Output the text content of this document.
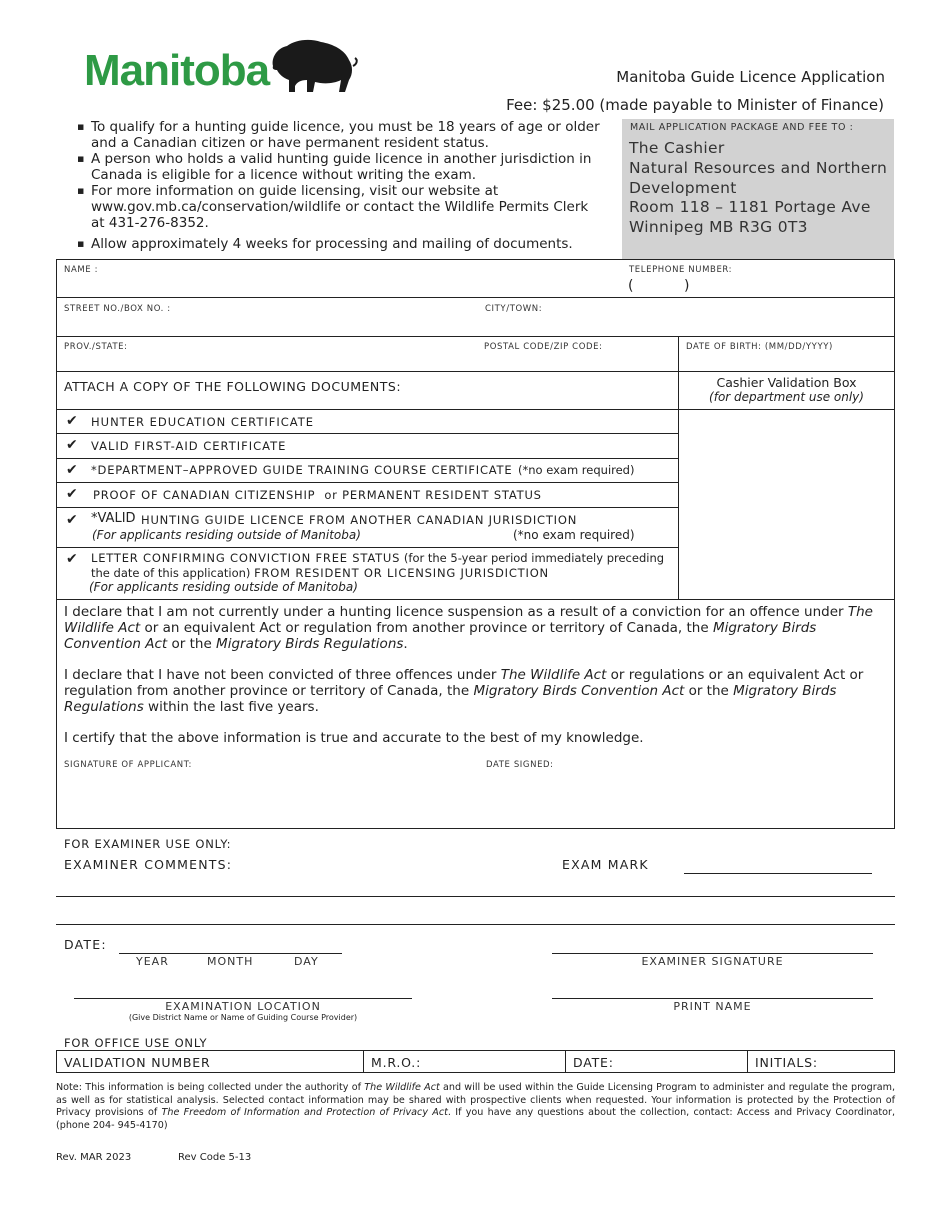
Manitoba	Manitoba Guide Licence Application
Fee: $25.00 (made payable to Minister of Finance)
▪ To qualify for a hunting guide licence, you must be 18 years of age or older and a Canadian citizen or have permanent resident status.
▪ A person who holds a valid hunting guide licence in another jurisdiction in Canada is eligible for a licence without writing the exam.
▪ For more information on guide licensing, visit our website at www.gov.mb.ca/conservation/wildlife or contact the Wildlife Permits Clerk at 431-276-8352.
▪ Allow approximately 4 weeks for processing and mailing of documents.
MAIL APPLICATION PACKAGE AND FEE TO :
The Cashier
Natural Resources and Northern
Development
Room 118 – 1181 Portage Ave
Winnipeg MB R3G 0T3
NAME :	TELEPHONE NUMBER:
(	)
STREET NO./BOX NO. :	CITY/TOWN:
PROV./STATE:	POSTAL CODE/ZIP CODE:	DATE OF BIRTH: (MM/DD/YYYY)
ATTACH A COPY OF THE FOLLOWING DOCUMENTS:	Cashier Validation Box
(for department use only)
✔ HUNTER EDUCATION CERTIFICATE
✔ VALID FIRST-AID CERTIFICATE
✔ *DEPARTMENT–APPROVED GUIDE TRAINING COURSE CERTIFICATE (*no exam required)
✔ PROOF OF CANADIAN CITIZENSHIP  or PERMANENT RESIDENT STATUS
✔ *VALID HUNTING GUIDE LICENCE FROM ANOTHER CANADIAN JURISDICTION
(For applicants residing outside of Manitoba)	(*no exam required)
✔ LETTER CONFIRMING CONVICTION FREE STATUS (for the 5-year period immediately preceding
the date of this application) FROM RESIDENT OR LICENSING JURISDICTION
(For applicants residing outside of Manitoba)

I declare that I am not currently under a hunting licence suspension as a result of a conviction for an offence under The Wildlife Act or an equivalent Act or regulation from another province or territory of Canada, the Migratory Birds Convention Act or the Migratory Birds Regulations.

I declare that I have not been convicted of three offences under The Wildlife Act or regulations or an equivalent Act or regulation from another province or territory of Canada, the Migratory Birds Convention Act or the Migratory Birds Regulations within the last five years.

I certify that the above information is true and accurate to the best of my knowledge.

SIGNATURE OF APPLICANT:	DATE SIGNED:
FOR EXAMINER USE ONLY:
EXAMINER COMMENTS:	EXAM MARK
DATE:
YEAR	MONTH	DAY	EXAMINER SIGNATURE
EXAMINATION LOCATION
(Give District Name or Name of Guiding Course Provider)
PRINT NAME
FOR OFFICE USE ONLY
VALIDATION NUMBER	M.R.O.:	DATE:	INITIALS:
Note: This information is being collected under the authority of The Wildlife Act and will be used within the Guide Licensing Program to administer and regulate the program, as well as for statistical analysis. Selected contact information may be shared with prospective clients when requested. Your information is protected by the Protection of Privacy provisions of The Freedom of Information and Protection of Privacy Act. If you have any questions about the collection, contact: Access and Privacy Coordinator, (phone 204- 945-4170)
Rev. MAR 2023	Rev Code 5-13
